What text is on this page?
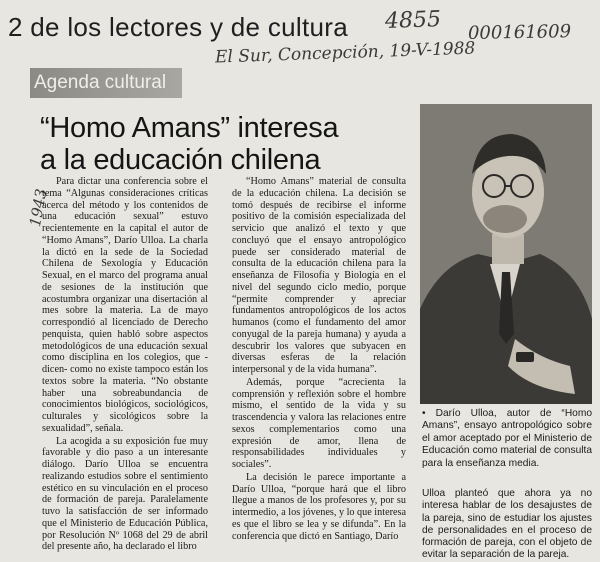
2 de los lectores y de cultura 4855 000161609
El Sur, Concepción, 19-V-1988
1943
Agenda cultural
“Homo Amans” interesa
a la educación chilena

Para dictar una conferencia sobre el tema “Algunas consideraciones críticas acerca del método y los contenidos de una educación sexual” estuvo recientemente en la capital el autor de “Homo Amans”, Darío Ulloa. La charla la dictó en la sede de la Sociedad Chilena de Sexología y Educación Sexual, en el marco del programa anual de sesiones de la institución que acostumbra organizar una disertación al mes sobre la materia. La de mayo correspondió al licenciado de Derecho penquista, quien habló sobre aspectos metodológicos de una educación sexual como disciplina en los colegios, que -dicen- como no existe tampoco están los textos sobre la materia. “No obstante haber una sobreabundancia de conocimientos biológicos, sociológicos, culturales y sicológicos sobre la sexualidad”, señala.

La acogida a su exposición fue muy favorable y dio paso a un interesante diálogo. Darío Ulloa se encuentra realizando estudios sobre el sentimiento estético en su vinculación en el proceso de formación de pareja. Paralelamente tuvo la satisfacción de ser informado que el Ministerio de Educación Pública, por Resolución Nº 1068 del 29 de abril del presente año, ha declarado el libro

“Homo Amans” material de consulta de la educación chilena. La decisión se tomó después de recibirse el informe positivo de la comisión especializada del servicio que analizó el texto y que concluyó que el ensayo antropológico puede ser considerado material de consulta de la educación chilena para la enseñanza de Filosofía y Biología en el nivel del segundo ciclo medio, porque “permite comprender y apreciar fundamentos antropológicos de los actos humanos (como el fundamento del amor conyugal de la pareja humana) y ayuda a descubrir los valores que subyacen en diversas esferas de la relación interpersonal y de la vida humana”.

Además, porque “acrecienta la comprensión y reflexión sobre el hombre mismo, el sentido de la vida y su trascendencia y valora las relaciones entre sexos complementarios como una expresión de amor, llena de responsabilidades individuales y sociales”.

La decisión le parece importante a Darío Ulloa, “porque hará que el libro llegue a manos de los profesores y, por su intermedio, a los jóvenes, y lo que interesa es que el libro se lea y se difunda”. En la conferencia que dictó en Santiago, Darío

• Darío Ulloa, autor de “Homo Amans”, ensayo antropológico sobre el amor aceptado por el Ministerio de Educación como material de consulta para la enseñanza media.
Ulloa planteó que ahora ya no interesa hablar de los desajustes de la pareja, sino de estudiar los ajustes de personalidades en el proceso de formación de pareja, con el objeto de evitar la separación de la pareja.
